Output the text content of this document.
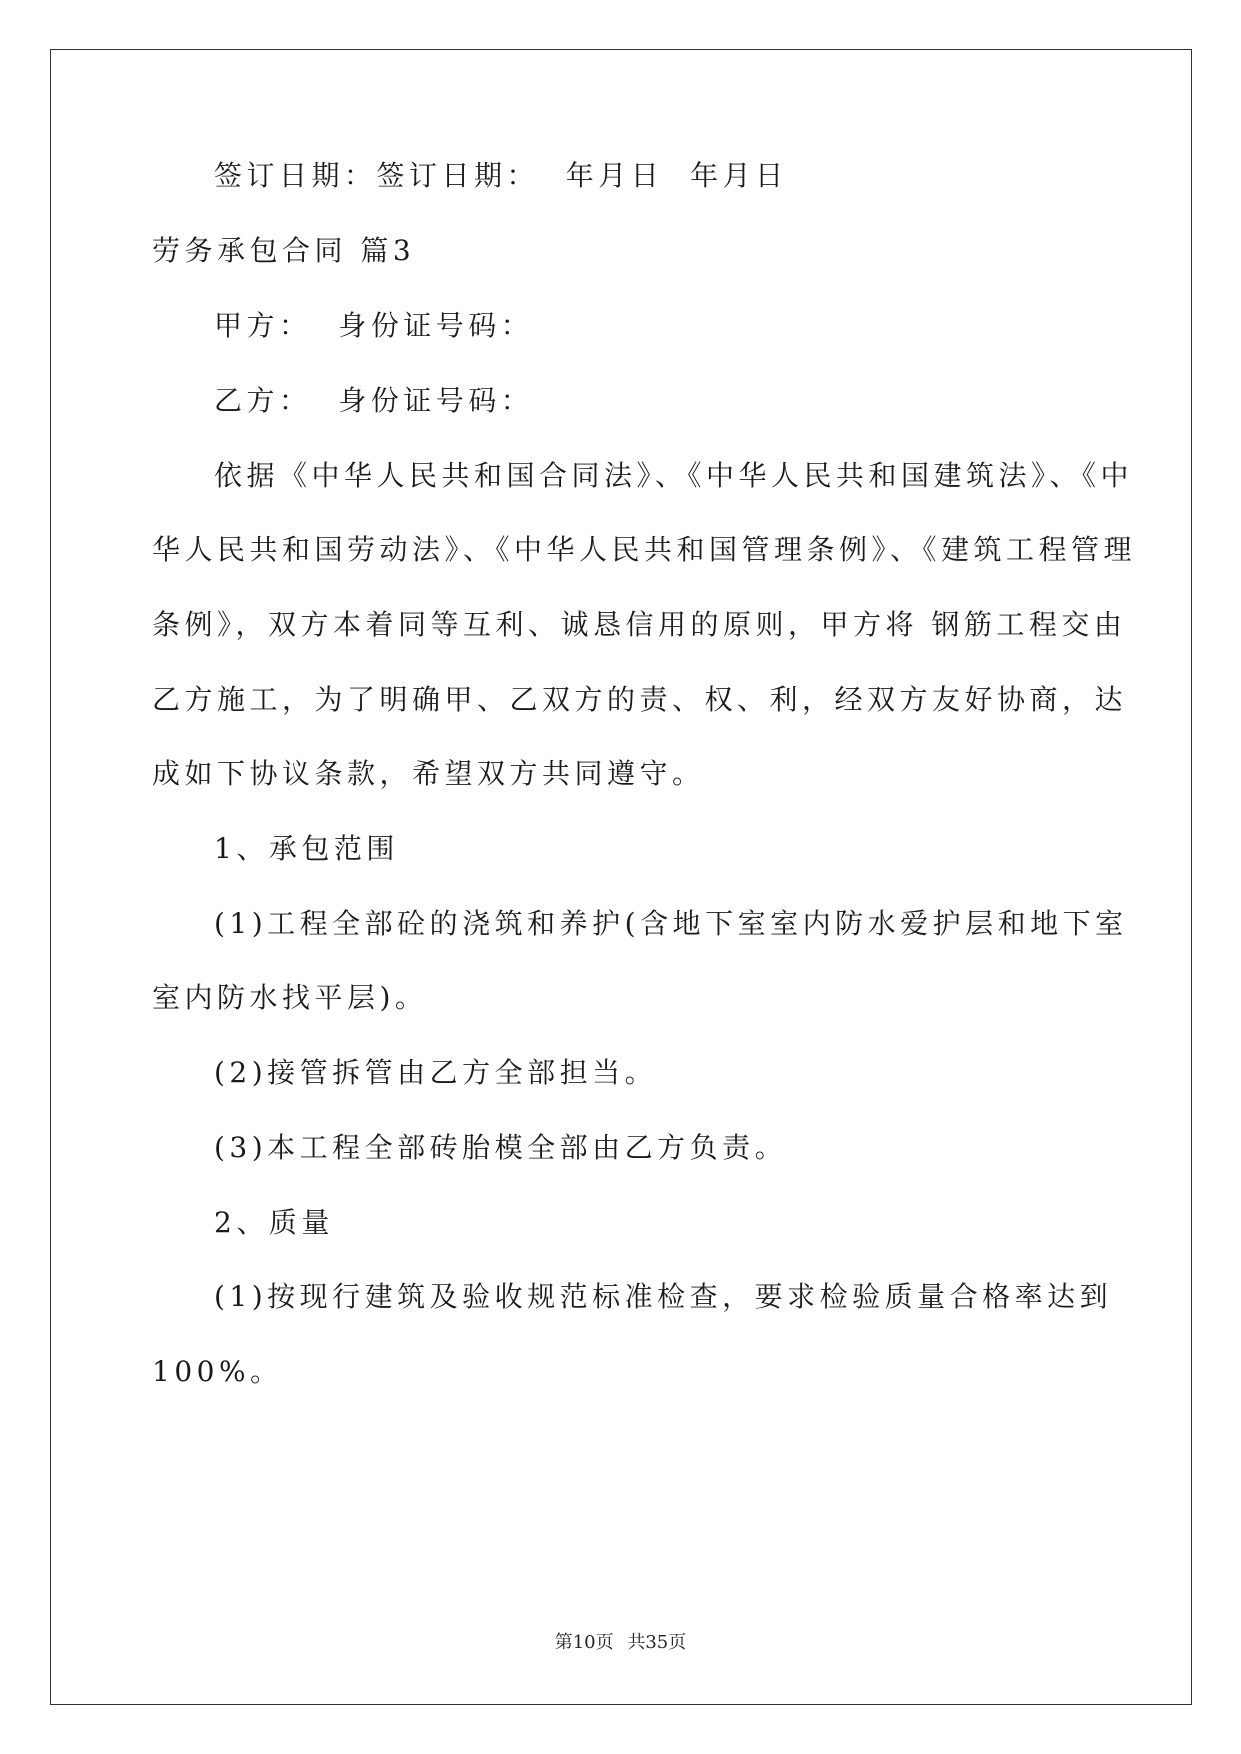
签订日期：签订日期：  年月日  年月日
劳务承包合同 篇3
甲方：  身份证号码：
乙方：  身份证号码：
依据《中华人民共和国合同法》、《中华人民共和国建筑法》、《中
华人民共和国劳动法》、《中华人民共和国管理条例》、《建筑工程管理
条例》，双方本着同等互利、诚恳信用的原则，甲方将 钢筋工程交由
乙方施工，为了明确甲、乙双方的责、权、利，经双方友好协商，达
成如下协议条款，希望双方共同遵守。
1、承包范围
(1)工程全部砼的浇筑和养护(含地下室室内防水爱护层和地下室
室内防水找平层)。
(2)接管拆管由乙方全部担当。
(3)本工程全部砖胎模全部由乙方负责。
2、质量
(1)按现行建筑及验收规范标准检查，要求检验质量合格率达到
100%。
第10页 共35页
